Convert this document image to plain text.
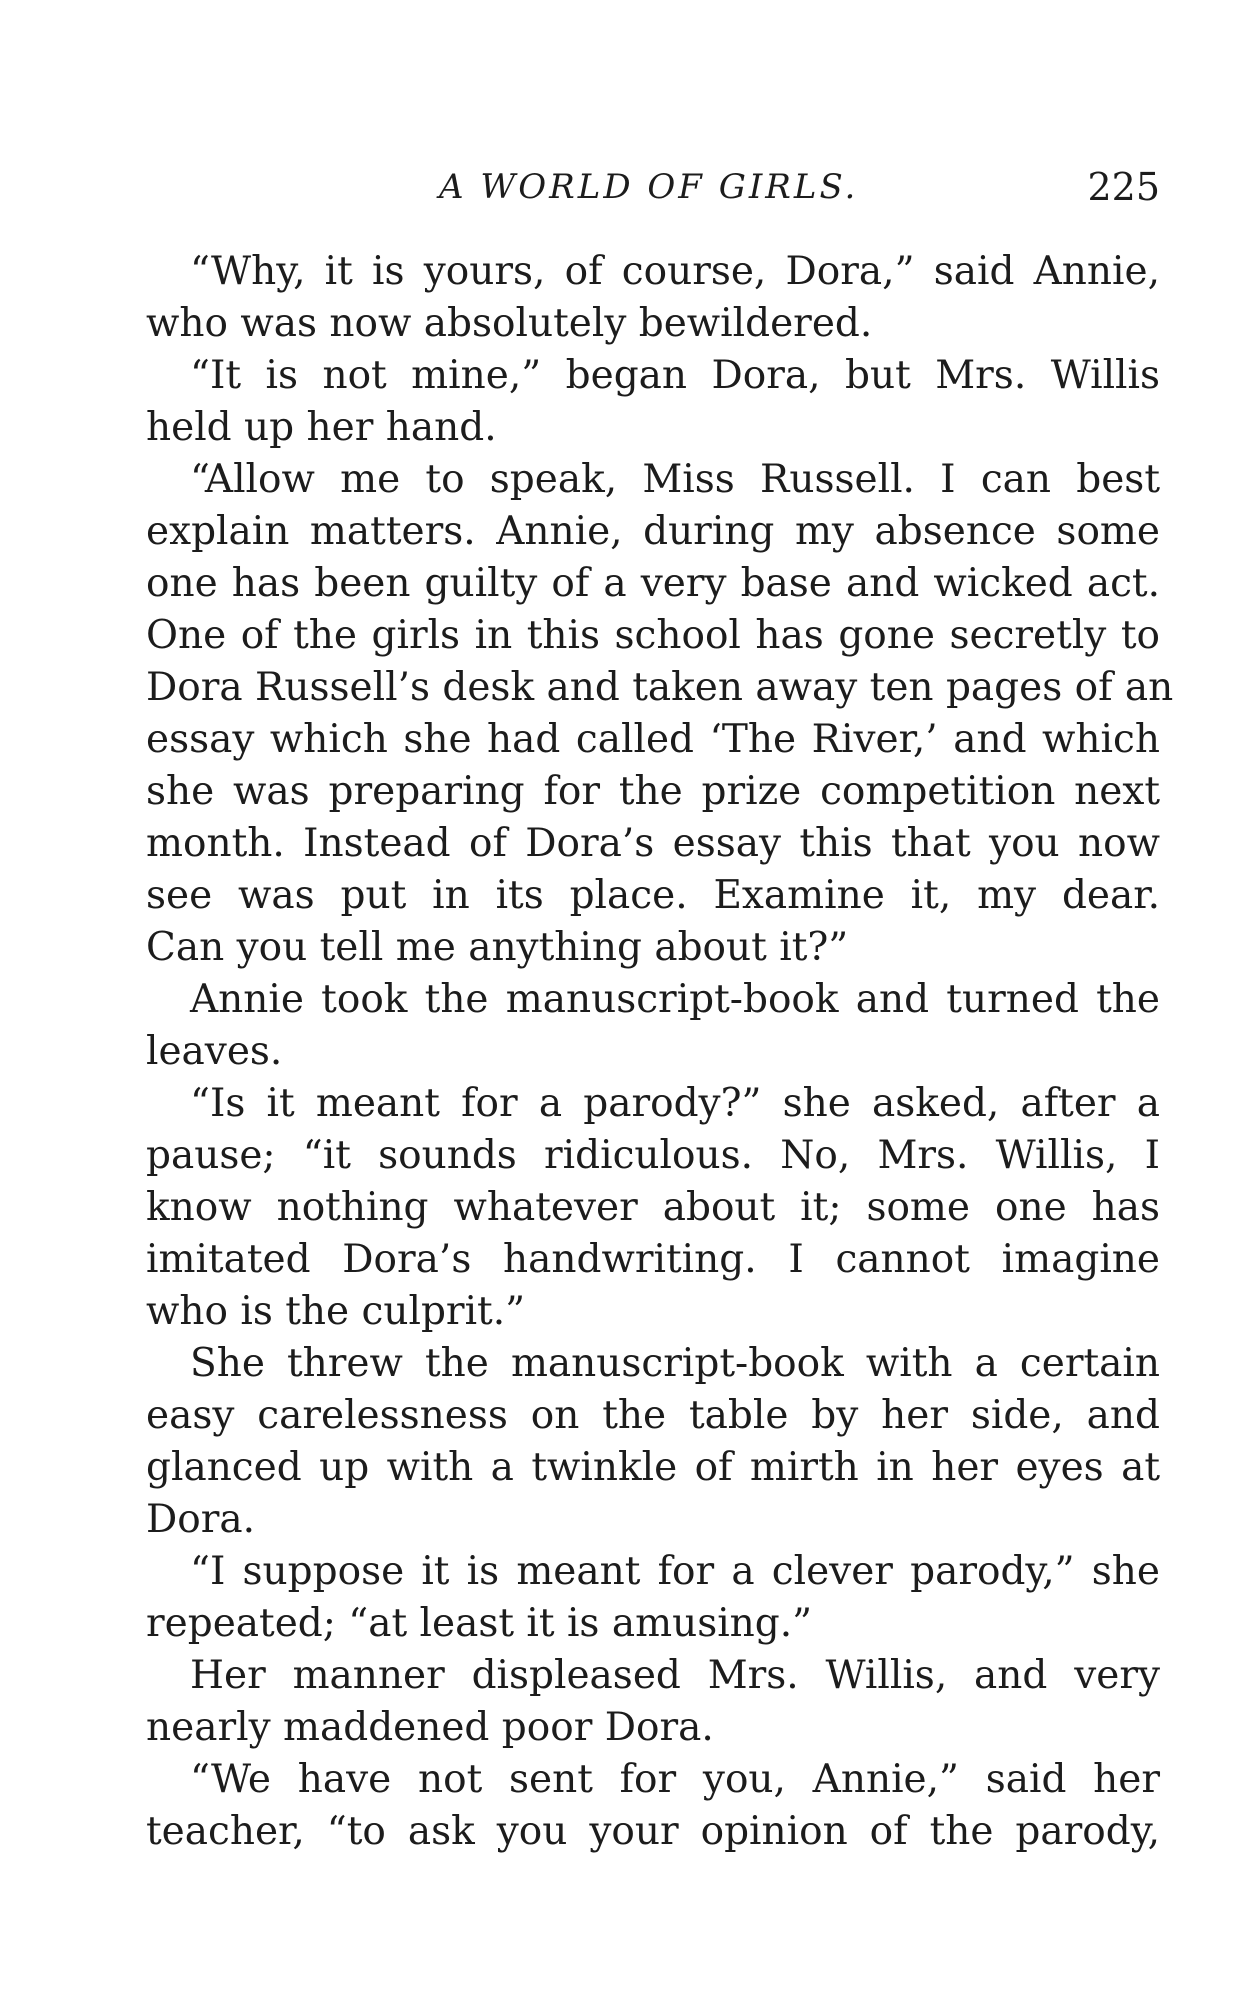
A WORLD OF GIRLS.	225
“Why, it is yours, of course, Dora,” said Annie,
who was now absolutely bewildered.
“It is not mine,” began Dora, but Mrs. Willis
held up her hand.
“Allow me to speak, Miss Russell. I can best
explain matters. Annie, during my absence some
one has been guilty of a very base and wicked act.
One of the girls in this school has gone secretly to
Dora Russell’s desk and taken away ten pages of an
essay which she had called ‘The River,’ and which
she was preparing for the prize competition next
month. Instead of Dora’s essay this that you now
see was put in its place. Examine it, my dear.
Can you tell me anything about it?”
Annie took the manuscript-book and turned the
leaves.
“Is it meant for a parody?” she asked, after a
pause; “it sounds ridiculous. No, Mrs. Willis, I
know nothing whatever about it; some one has
imitated Dora’s handwriting. I cannot imagine
who is the culprit.”
She threw the manuscript-book with a certain
easy carelessness on the table by her side, and
glanced up with a twinkle of mirth in her eyes at
Dora.
“I suppose it is meant for a clever parody,” she
repeated; “at least it is amusing.”
Her manner displeased Mrs. Willis, and very
nearly maddened poor Dora.
“We have not sent for you, Annie,” said her
teacher, “to ask you your opinion of the parody,
